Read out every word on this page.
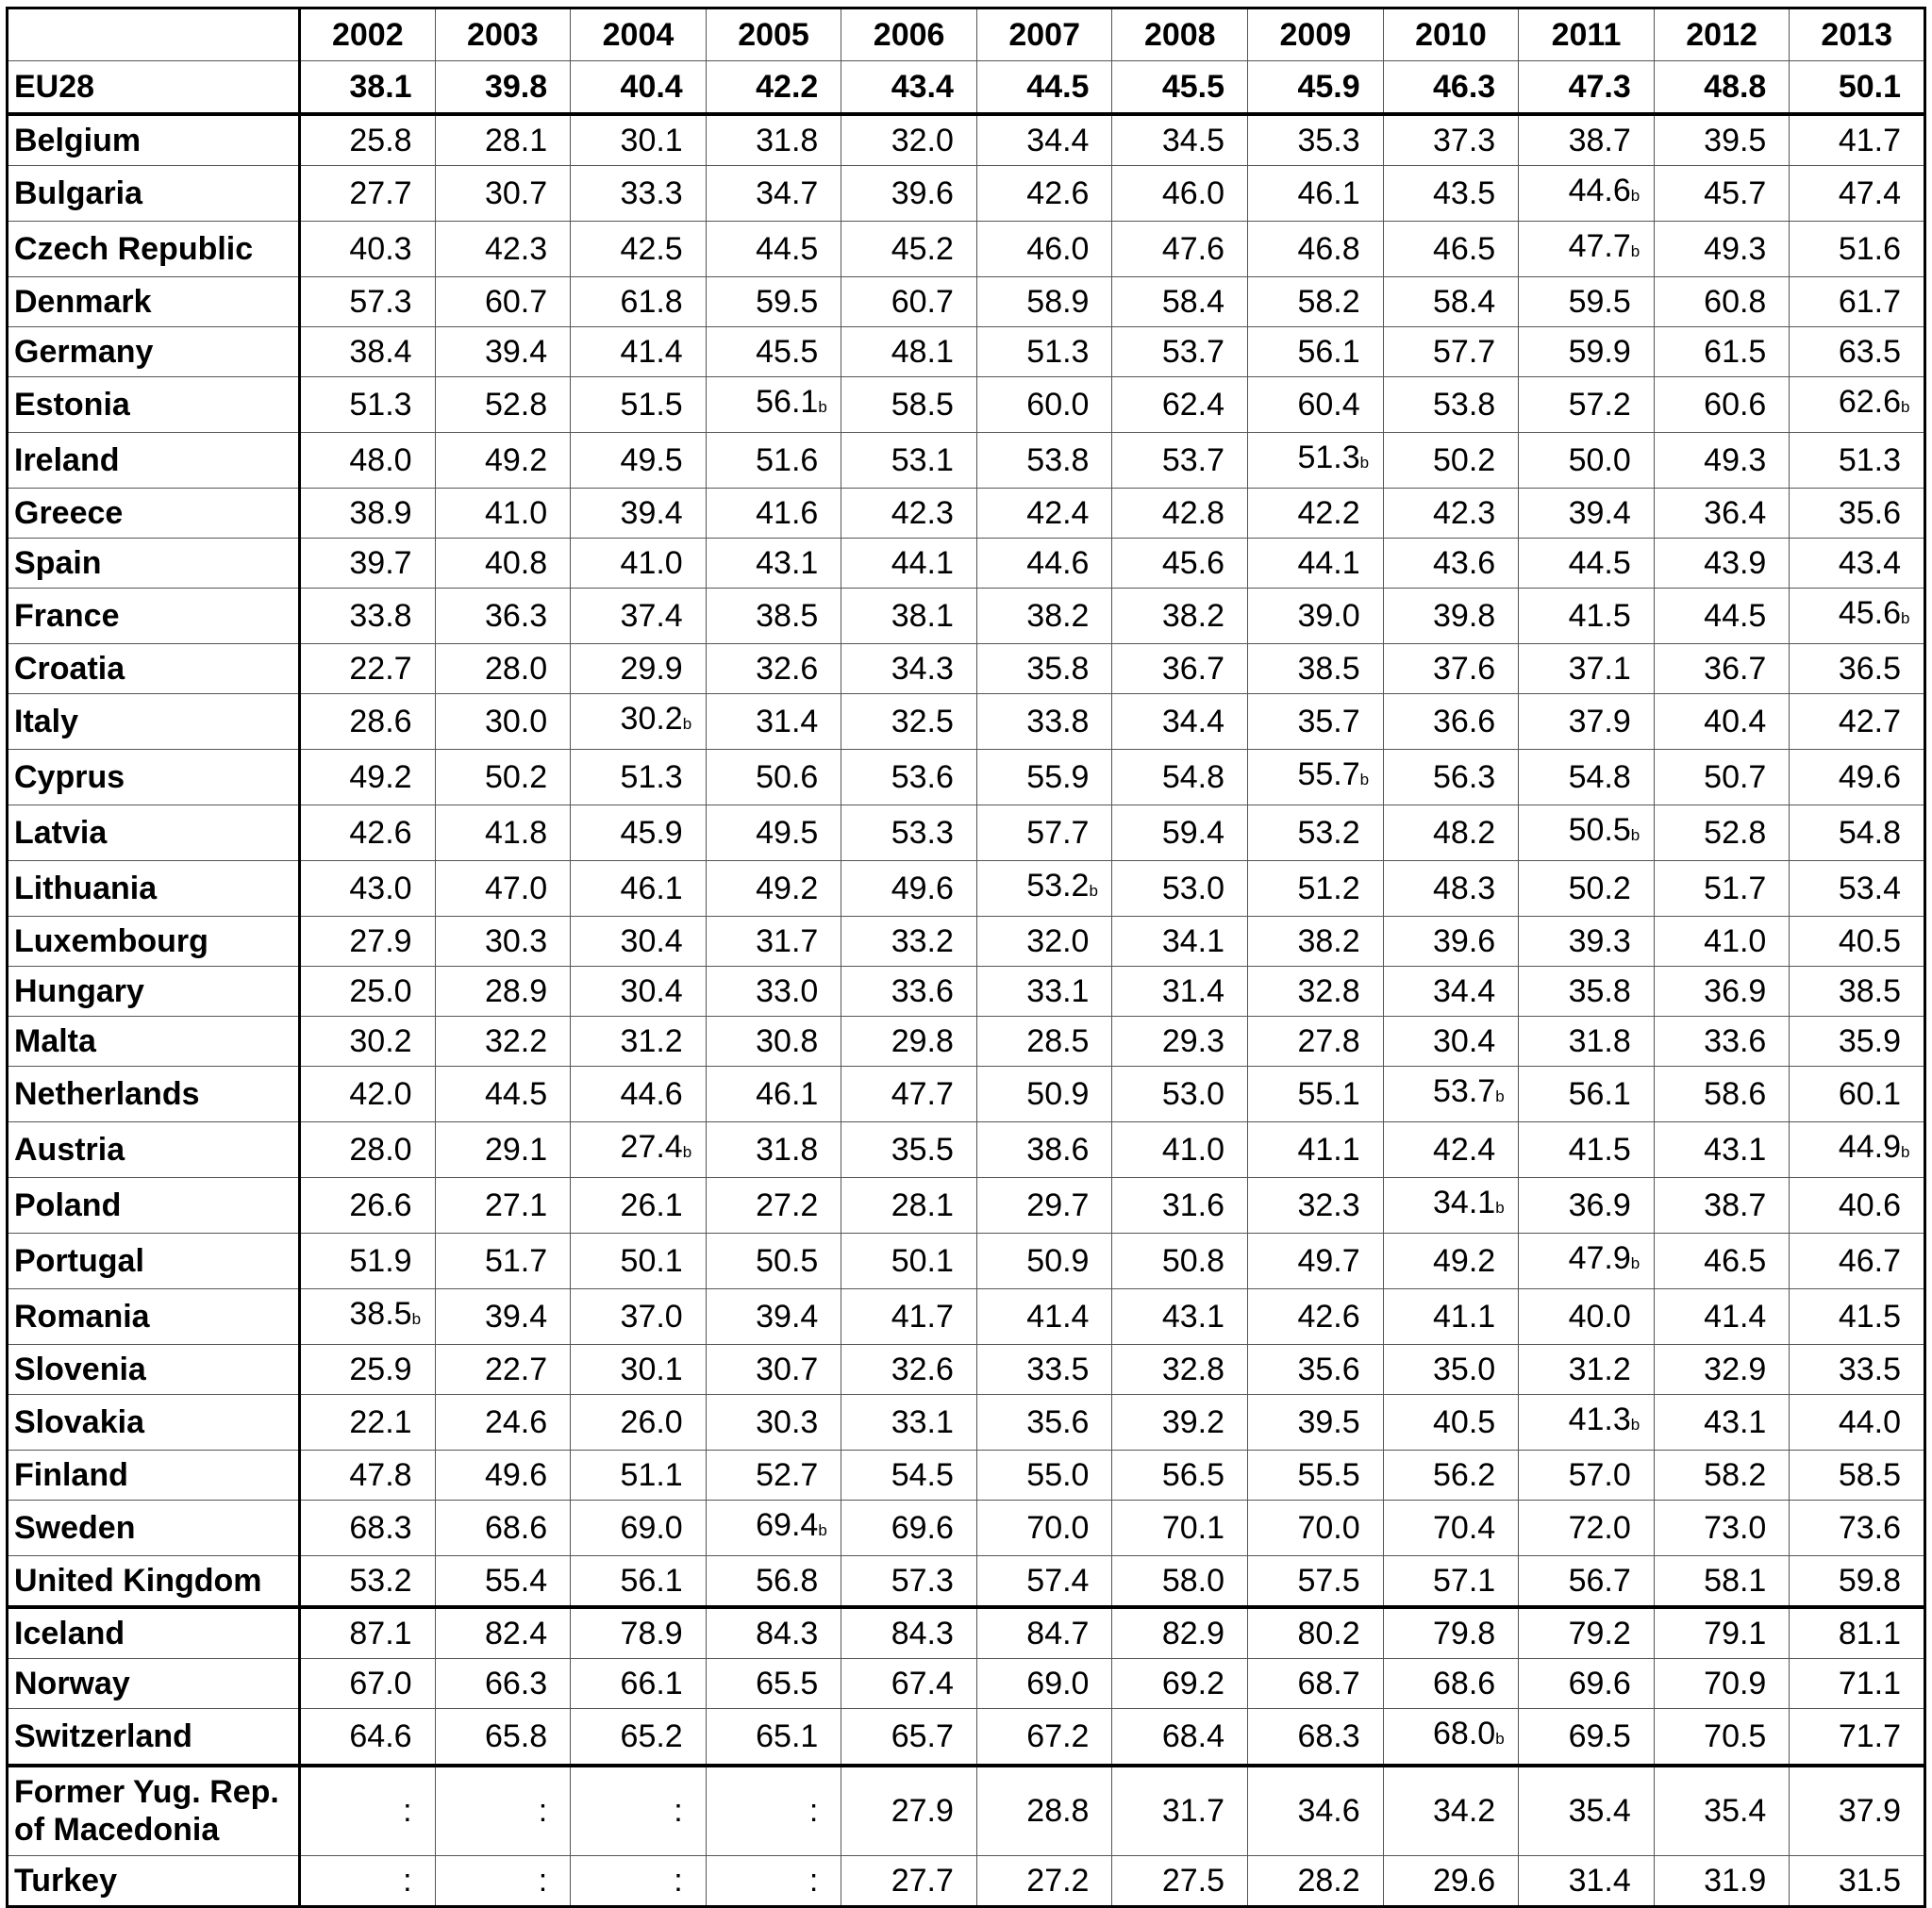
	2002	2003	2004	2005	2006	2007	2008	2009	2010	2011	2012	2013
EU28	38.1	39.8	40.4	42.2	43.4	44.5	45.5	45.9	46.3	47.3	48.8	50.1
Belgium	25.8	28.1	30.1	31.8	32.0	34.4	34.5	35.3	37.3	38.7	39.5	41.7
Bulgaria	27.7	30.7	33.3	34.7	39.6	42.6	46.0	46.1	43.5	44.6b	45.7	47.4
Czech Republic	40.3	42.3	42.5	44.5	45.2	46.0	47.6	46.8	46.5	47.7b	49.3	51.6
Denmark	57.3	60.7	61.8	59.5	60.7	58.9	58.4	58.2	58.4	59.5	60.8	61.7
Germany	38.4	39.4	41.4	45.5	48.1	51.3	53.7	56.1	57.7	59.9	61.5	63.5
Estonia	51.3	52.8	51.5	56.1b	58.5	60.0	62.4	60.4	53.8	57.2	60.6	62.6b
Ireland	48.0	49.2	49.5	51.6	53.1	53.8	53.7	51.3b	50.2	50.0	49.3	51.3
Greece	38.9	41.0	39.4	41.6	42.3	42.4	42.8	42.2	42.3	39.4	36.4	35.6
Spain	39.7	40.8	41.0	43.1	44.1	44.6	45.6	44.1	43.6	44.5	43.9	43.4
France	33.8	36.3	37.4	38.5	38.1	38.2	38.2	39.0	39.8	41.5	44.5	45.6b
Croatia	22.7	28.0	29.9	32.6	34.3	35.8	36.7	38.5	37.6	37.1	36.7	36.5
Italy	28.6	30.0	30.2b	31.4	32.5	33.8	34.4	35.7	36.6	37.9	40.4	42.7
Cyprus	49.2	50.2	51.3	50.6	53.6	55.9	54.8	55.7b	56.3	54.8	50.7	49.6
Latvia	42.6	41.8	45.9	49.5	53.3	57.7	59.4	53.2	48.2	50.5b	52.8	54.8
Lithuania	43.0	47.0	46.1	49.2	49.6	53.2b	53.0	51.2	48.3	50.2	51.7	53.4
Luxembourg	27.9	30.3	30.4	31.7	33.2	32.0	34.1	38.2	39.6	39.3	41.0	40.5
Hungary	25.0	28.9	30.4	33.0	33.6	33.1	31.4	32.8	34.4	35.8	36.9	38.5
Malta	30.2	32.2	31.2	30.8	29.8	28.5	29.3	27.8	30.4	31.8	33.6	35.9
Netherlands	42.0	44.5	44.6	46.1	47.7	50.9	53.0	55.1	53.7b	56.1	58.6	60.1
Austria	28.0	29.1	27.4b	31.8	35.5	38.6	41.0	41.1	42.4	41.5	43.1	44.9b
Poland	26.6	27.1	26.1	27.2	28.1	29.7	31.6	32.3	34.1b	36.9	38.7	40.6
Portugal	51.9	51.7	50.1	50.5	50.1	50.9	50.8	49.7	49.2	47.9b	46.5	46.7
Romania	38.5b	39.4	37.0	39.4	41.7	41.4	43.1	42.6	41.1	40.0	41.4	41.5
Slovenia	25.9	22.7	30.1	30.7	32.6	33.5	32.8	35.6	35.0	31.2	32.9	33.5
Slovakia	22.1	24.6	26.0	30.3	33.1	35.6	39.2	39.5	40.5	41.3b	43.1	44.0
Finland	47.8	49.6	51.1	52.7	54.5	55.0	56.5	55.5	56.2	57.0	58.2	58.5
Sweden	68.3	68.6	69.0	69.4b	69.6	70.0	70.1	70.0	70.4	72.0	73.0	73.6
United Kingdom	53.2	55.4	56.1	56.8	57.3	57.4	58.0	57.5	57.1	56.7	58.1	59.8
Iceland	87.1	82.4	78.9	84.3	84.3	84.7	82.9	80.2	79.8	79.2	79.1	81.1
Norway	67.0	66.3	66.1	65.5	67.4	69.0	69.2	68.7	68.6	69.6	70.9	71.1
Switzerland	64.6	65.8	65.2	65.1	65.7	67.2	68.4	68.3	68.0b	69.5	70.5	71.7
Former Yug. Rep. of Macedonia	:	:	:	:	27.9	28.8	31.7	34.6	34.2	35.4	35.4	37.9
Turkey	:	:	:	:	27.7	27.2	27.5	28.2	29.6	31.4	31.9	31.5
